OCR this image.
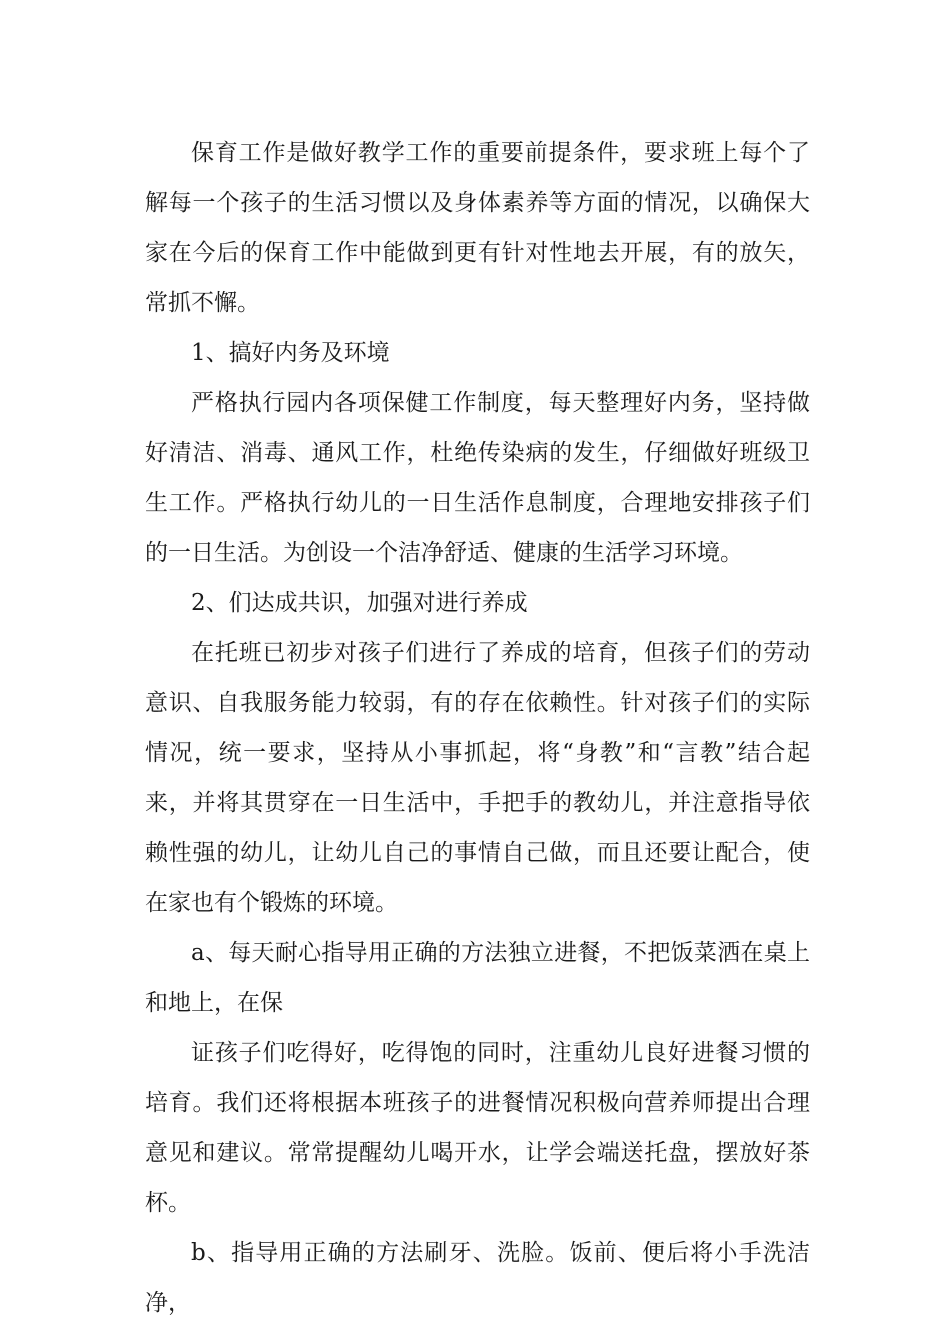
保育工作是做好教学工作的重要前提条件，要求班上每个了解每一个孩子的生活习惯以及身体素养等方面的情况，以确保大家在今后的保育工作中能做到更有针对性地去开展，有的放矢，常抓不懈。

1、搞好内务及环境

严格执行园内各项保健工作制度，每天整理好内务，坚持做好清洁、消毒、通风工作，杜绝传染病的发生，仔细做好班级卫生工作。严格执行幼儿的一日生活作息制度，合理地安排孩子们的一日生活。为创设一个洁净舒适、健康的生活学习环境。

2、们达成共识，加强对进行养成

在托班已初步对孩子们进行了养成的培育，但孩子们的劳动意识、自我服务能力较弱，有的存在依赖性。针对孩子们的实际情况，统一要求，坚持从小事抓起，将“身教”和“言教”结合起来，并将其贯穿在一日生活中，手把手的教幼儿，并注意指导依赖性强的幼儿，让幼儿自己的事情自己做，而且还要让配合，使在家也有个锻炼的环境。

a、每天耐心指导用正确的方法独立进餐，不把饭菜洒在桌上和地上，在保

证孩子们吃得好，吃得饱的同时，注重幼儿良好进餐习惯的培育。我们还将根据本班孩子的进餐情况积极向营养师提出合理意见和建议。常常提醒幼儿喝开水，让学会端送托盘，摆放好茶杯。

b、指导用正确的方法刷牙、洗脸。饭前、便后将小手洗洁净，
